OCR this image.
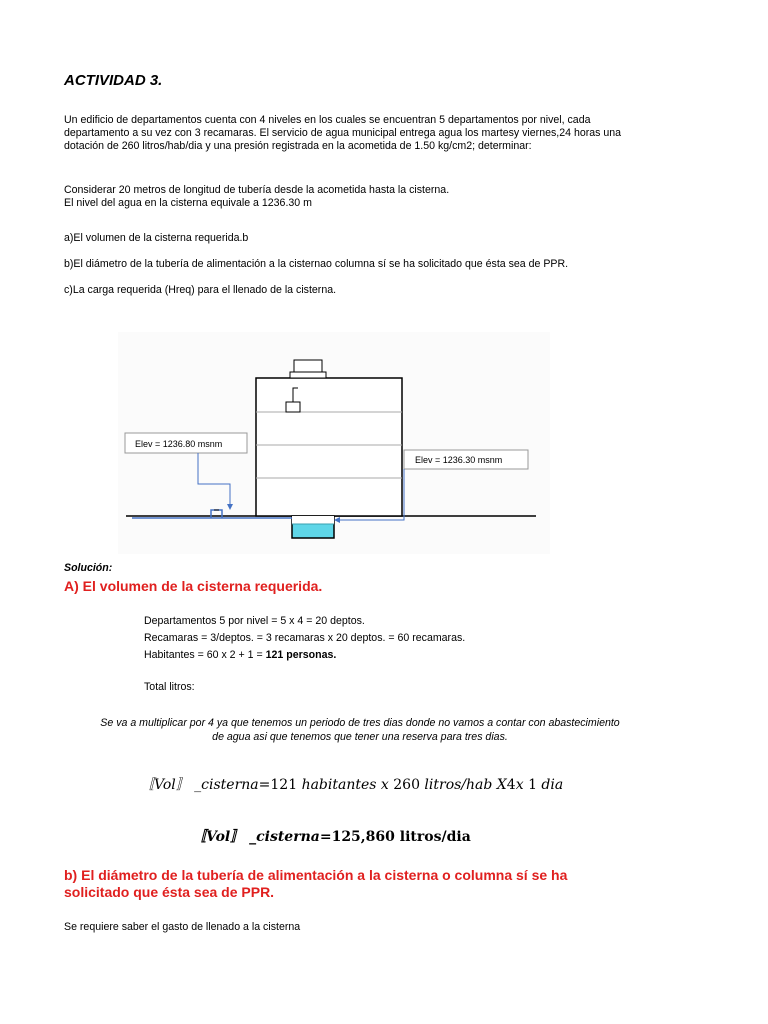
ACTIVIDAD 3.
Un edificio de departamentos cuenta con 4 niveles en los cuales se encuentran 5 departamentos por nivel, cada departamento a su vez con 3 recamaras. El servicio de agua municipal entrega agua los martesy viernes,24 horas una dotación de 260 litros/hab/dia y una presión registrada en la acometida de 1.50 kg/cm2; determinar:
Considerar 20 metros de longitud de tubería desde la acometida hasta la cisterna.
El nivel del agua en la cisterna equivale a 1236.30 m
a)El volumen de la cisterna requerida.b
b)El diámetro de la tubería de alimentación a la cisternao columna sí se ha solicitado que ésta sea de PPR.
c)La carga requerida (Hreq) para el llenado de la cisterna.
Elev = 1236.80 msnm
Elev = 1236.30 msnm
Solución:
A) El volumen de la cisterna requerida.
Departamentos 5 por nivel = 5 x 4 = 20 deptos.
Recamaras = 3/deptos. = 3 recamaras x 20 deptos. = 60 recamaras.
Habitantes = 60 x 2 + 1 = 121 personas.
Total litros:
Se va a multiplicar por 4 ya que tenemos un periodo de tres dias donde no vamos a contar con abastecimiento
de agua asi que tenemos que tener una reserva para tres dias.
〚Vol〛 _cisterna=121 habitantes x 260 litros/hab X4x 1 dia
〚Vol〛 _cisterna=125,860 litros/dia
b) El diámetro de la tubería de alimentación a la cisterna o columna sí se ha solicitado que ésta sea de PPR.
Se requiere saber el gasto de llenado a la cisterna
